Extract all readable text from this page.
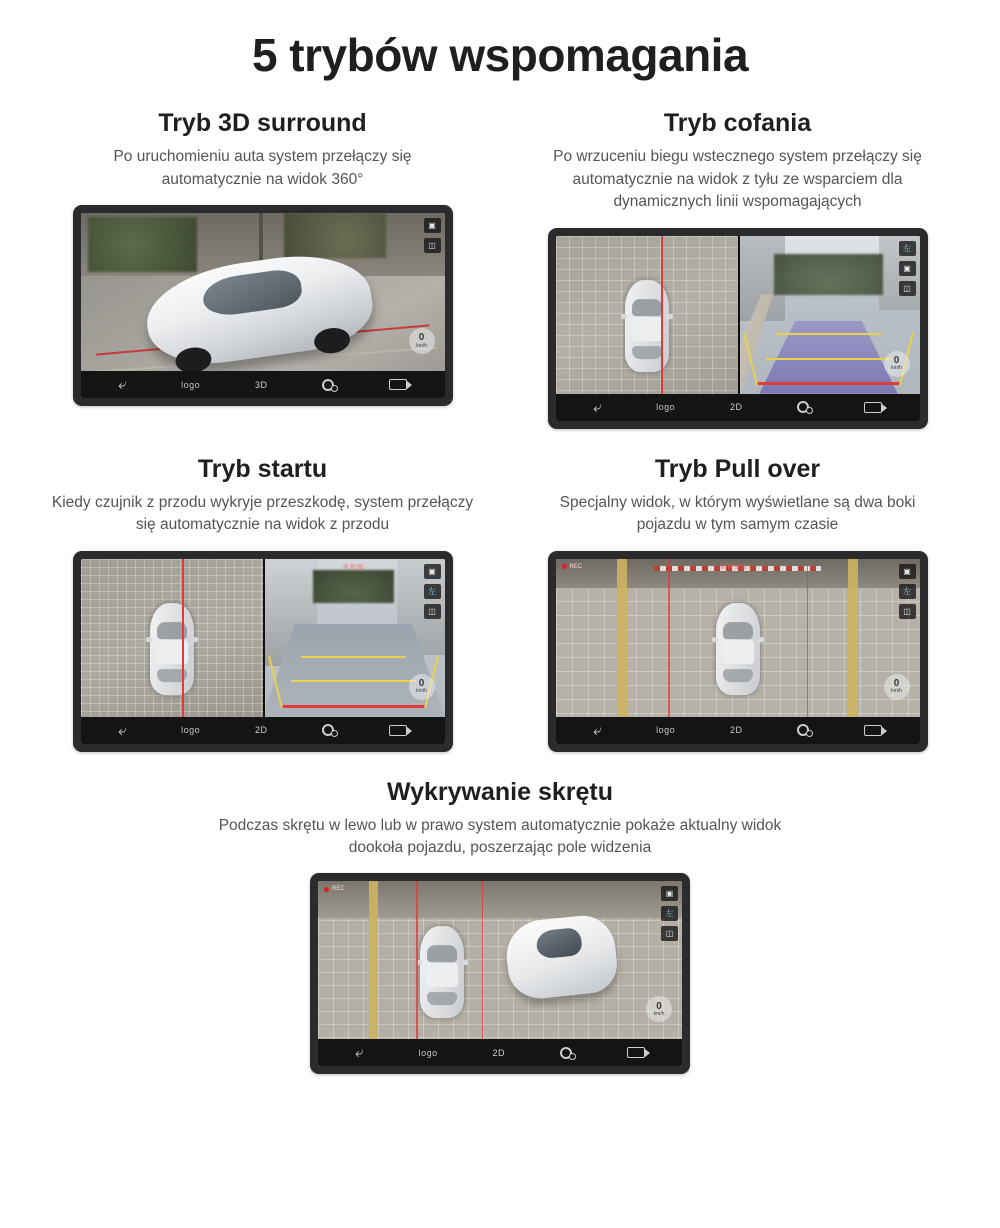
5 trybów wspomagania
Tryb 3D surround
Po uruchomieniu auta system przełączy się automatycznie na widok 360°
▣
◫
0
km/h
⤷	logo	3D
Tryb cofania
Po wrzuceniu biegu wstecznego system przełączy się automatycznie na widok z tyłu ze wsparciem dla dynamicznych linii wspomagających
左
▣
◫
0
km/h
⤷	logo	2D
Tryb startu
Kiedy czujnik z przodu wykryje przeszkodę, system przełączy się automatycznie na widok z przodu
前视图	▣
左
◫
0
km/h
⤷	logo	2D
Tryb Pull over
Specjalny widok, w którym wyświetlane są dwa boki pojazdu w tym samym czasie
REC	前视图显示	▣
左
◫
0
km/h
⤷	logo	2D
Wykrywanie skrętu
Podczas skrętu w lewo lub w prawo system automatycznie pokaże aktualny widok dookoła pojazdu, poszerzając pole widzenia
REC	▣
左
◫
0
km/h
⤷	logo	2D
